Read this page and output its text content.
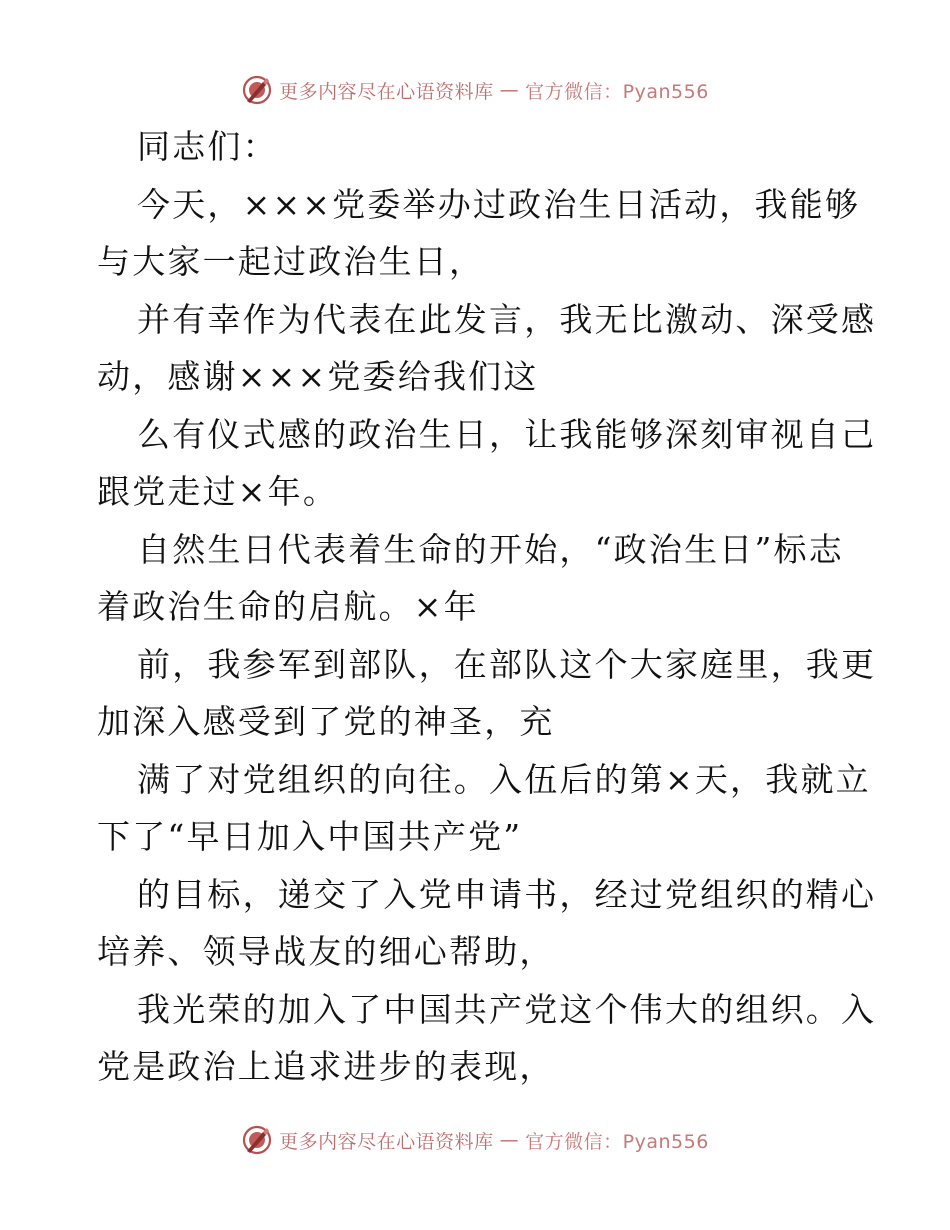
更多内容尽在心语资料库 — 官方微信：Pyan556
同志们：
今天，×××党委举办过政治生日活动，我能够
与大家一起过政治生日，
并有幸作为代表在此发言，我无比激动、深受感
动，感谢×××党委给我们这
么有仪式感的政治生日，让我能够深刻审视自己
跟党走过×年。
自然生日代表着生命的开始，“政治生日”标志
着政治生命的启航。×年
前，我参军到部队，在部队这个大家庭里，我更
加深入感受到了党的神圣，充
满了对党组织的向往。入伍后的第×天，我就立
下了“早日加入中国共产党”
的目标，递交了入党申请书，经过党组织的精心
培养、领导战友的细心帮助，
我光荣的加入了中国共产党这个伟大的组织。入
党是政治上追求进步的表现，
更多内容尽在心语资料库 — 官方微信：Pyan556
